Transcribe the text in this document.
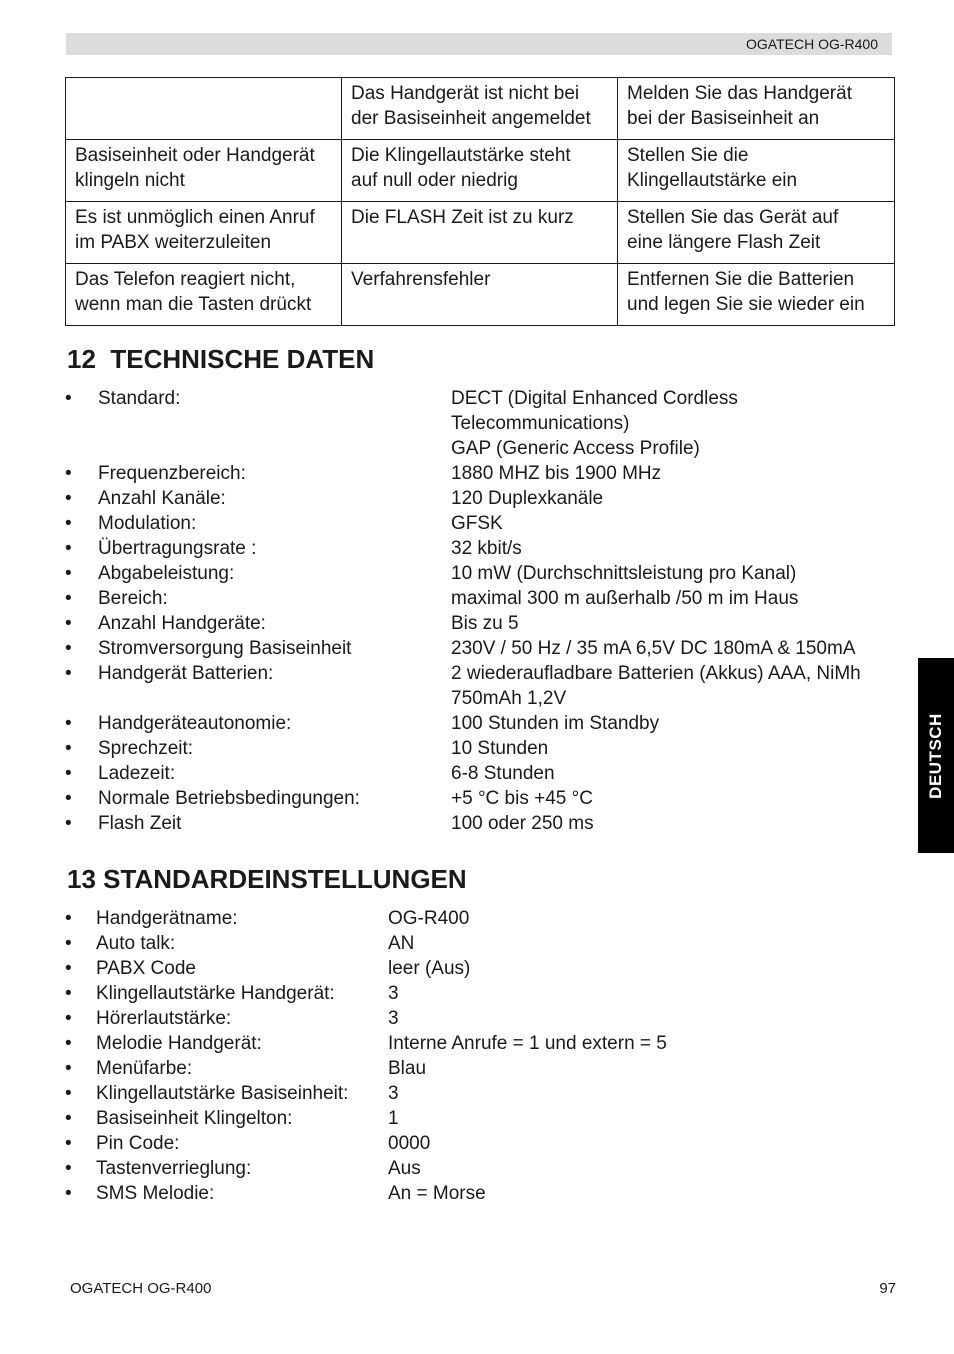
OGATECH OG-R400
	Das Handgerät ist nicht bei
der Basiseinheit angemeldet	Melden Sie das Handgerät
bei der Basiseinheit an
Basiseinheit oder Handgerät
klingeln nicht	Die Klingellautstärke steht
auf null oder niedrig	Stellen Sie die
Klingellautstärke ein
Es ist unmöglich einen Anruf
im PABX weiterzuleiten	Die FLASH Zeit ist zu kurz	Stellen Sie das Gerät auf
eine längere Flash Zeit
Das Telefon reagiert nicht,
wenn man die Tasten drückt	Verfahrensfehler	Entfernen Sie die Batterien
und legen Sie sie wieder ein
12  TECHNISCHE DATEN
• Standard:	DECT (Digital Enhanced Cordless
Telecommunications)
GAP (Generic Access Profile)
• Frequenzbereich:	1880 MHZ bis 1900 MHz
• Anzahl Kanäle:	120 Duplexkanäle
• Modulation:	GFSK
• Übertragungsrate :	32 kbit/s
• Abgabeleistung:	10 mW (Durchschnittsleistung pro Kanal)
• Bereich:	maximal 300 m außerhalb /50 m im Haus
• Anzahl Handgeräte:	Bis zu 5
• Stromversorgung Basiseinheit	230V / 50 Hz / 35 mA 6,5V DC 180mA & 150mA
• Handgerät Batterien:	2 wiederaufladbare Batterien (Akkus) AAA, NiMh
750mAh 1,2V
• Handgeräteautonomie:	100 Stunden im Standby
• Sprechzeit:	10 Stunden
• Ladezeit:	6-8 Stunden
• Normale Betriebsbedingungen:	+5 °C bis +45 °C
• Flash Zeit	100 oder 250 ms
13 STANDARDEINSTELLUNGEN
• Handgerätname:	OG-R400
• Auto talk:	AN
• PABX Code	leer (Aus)
• Klingellautstärke Handgerät:	3
• Hörerlautstärke:	3
• Melodie Handgerät:	Interne Anrufe = 1 und extern = 5
• Menüfarbe:	Blau
• Klingellautstärke Basiseinheit: 3
• Basiseinheit Klingelton:	1
• Pin Code:	0000
• Tastenverrieglung:	Aus
• SMS Melodie:	An = Morse
DEUTSCH
OGATECH OG-R400	97
